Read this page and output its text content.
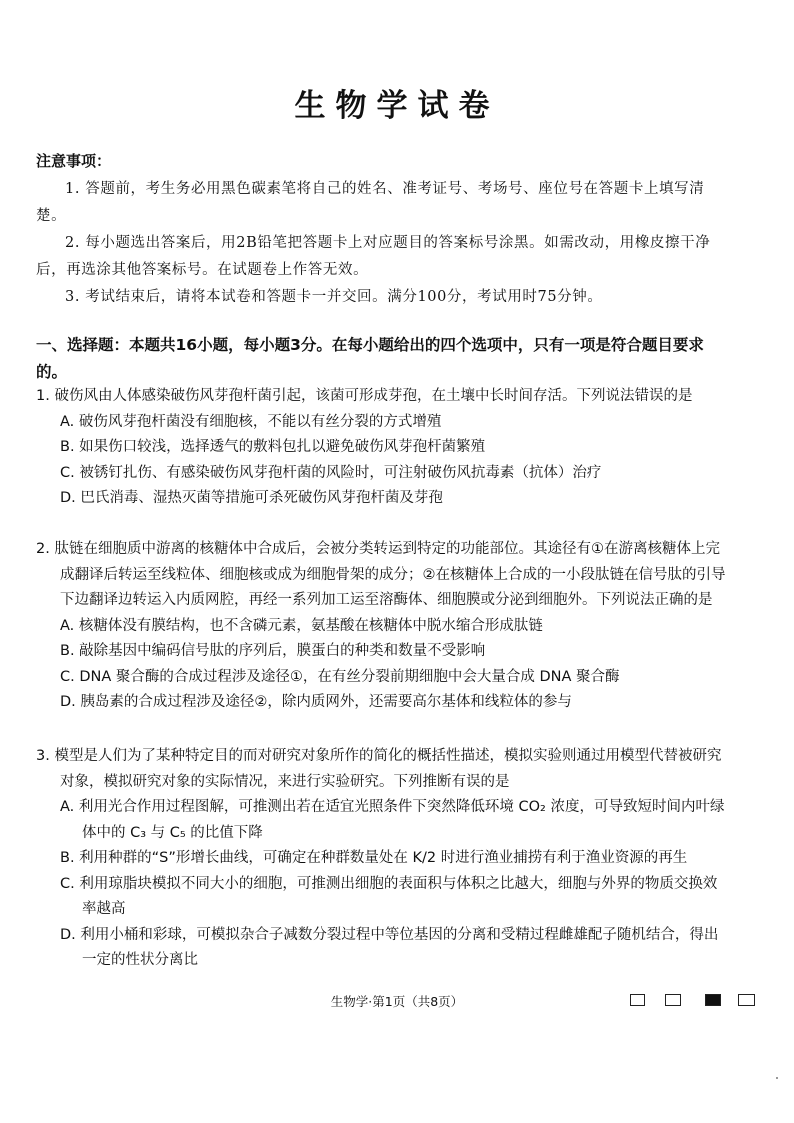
生物学试卷
注意事项：
1. 答题前，考生务必用黑色碳素笔将自己的姓名、准考证号、考场号、座位号在答题卡上填写清楚。
2. 每小题选出答案后，用2B铅笔把答题卡上对应题目的答案标号涂黑。如需改动，用橡皮擦干净后，再选涂其他答案标号。在试题卷上作答无效。
3. 考试结束后，请将本试卷和答题卡一并交回。满分100分，考试用时75分钟。
一、选择题：本题共16小题，每小题3分。在每小题给出的四个选项中，只有一项是符合题目要求的。
1. 破伤风由人体感染破伤风芽孢杆菌引起，该菌可形成芽孢，在土壤中长时间存活。下列说法错误的是
A. 破伤风芽孢杆菌没有细胞核，不能以有丝分裂的方式增殖
B. 如果伤口较浅，选择透气的敷料包扎以避免破伤风芽孢杆菌繁殖
C. 被锈钉扎伤、有感染破伤风芽孢杆菌的风险时，可注射破伤风抗毒素（抗体）治疗
D. 巴氏消毒、湿热灭菌等措施可杀死破伤风芽孢杆菌及芽孢
2. 肽链在细胞质中游离的核糖体中合成后，会被分类转运到特定的功能部位。其途径有①在游离核糖体上完成翻译后转运至线粒体、细胞核或成为细胞骨架的成分；②在核糖体上合成的一小段肽链在信号肽的引导下边翻译边转运入内质网腔，再经一系列加工运至溶酶体、细胞膜或分泌到细胞外。下列说法正确的是
A. 核糖体没有膜结构，也不含磷元素，氨基酸在核糖体中脱水缩合形成肽链
B. 敲除基因中编码信号肽的序列后，膜蛋白的种类和数量不受影响
C. DNA 聚合酶的合成过程涉及途径①，在有丝分裂前期细胞中会大量合成 DNA 聚合酶
D. 胰岛素的合成过程涉及途径②，除内质网外，还需要高尔基体和线粒体的参与
3. 模型是人们为了某种特定目的而对研究对象所作的简化的概括性描述，模拟实验则通过用模型代替被研究对象，模拟研究对象的实际情况，来进行实验研究。下列推断有误的是
A. 利用光合作用过程图解，可推测出若在适宜光照条件下突然降低环境 CO₂ 浓度，可导致短时间内叶绿体中的 C₃ 与 C₅ 的比值下降
B. 利用种群的“S”形增长曲线，可确定在种群数量处在 K/2 时进行渔业捕捞有利于渔业资源的再生
C. 利用琼脂块模拟不同大小的细胞，可推测出细胞的表面积与体积之比越大，细胞与外界的物质交换效率越高
D. 利用小桶和彩球，可模拟杂合子减数分裂过程中等位基因的分离和受精过程雌雄配子随机结合，得出一定的性状分离比
生物学·第1页（共8页）
